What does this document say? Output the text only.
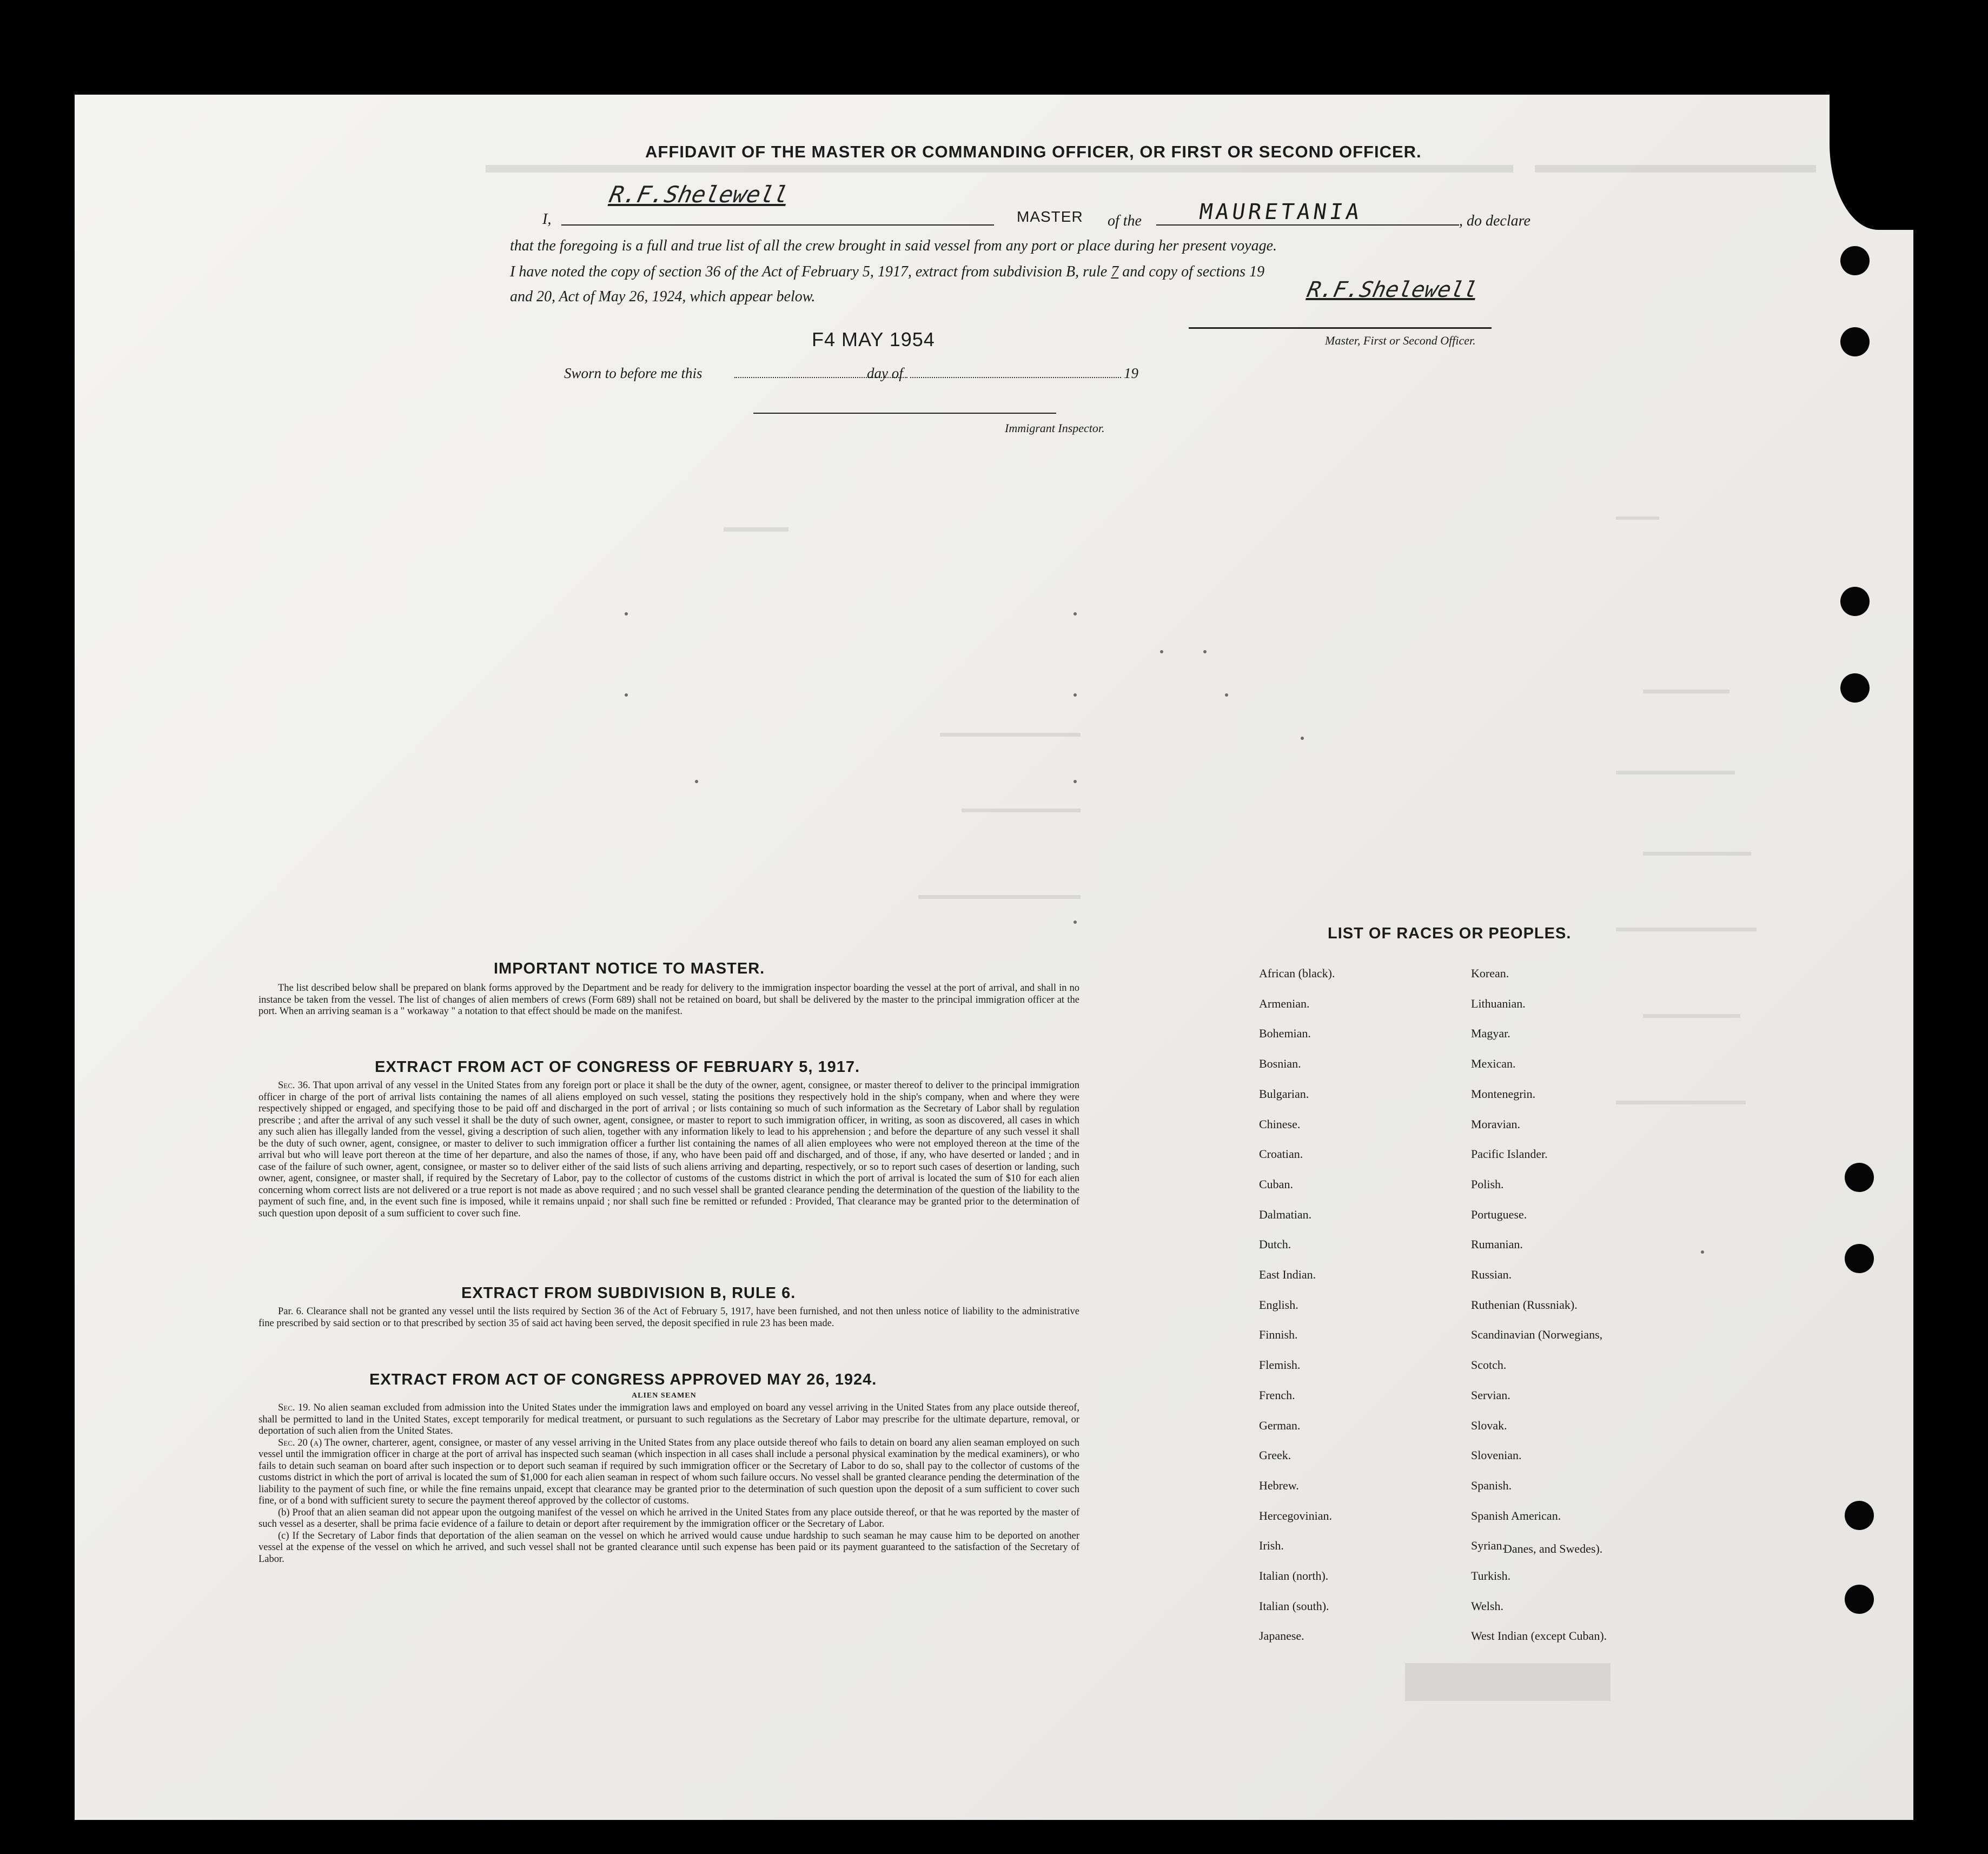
AFFIDAVIT OF THE MASTER OR COMMANDING OFFICER, OR FIRST OR SECOND OFFICER.
I,
R.F.Shelewell
MASTER of the	MAURETANIA	, do declare
that the foregoing is a full and true list of all the crew brought in said vessel from any port or place during her present voyage.
I have noted the copy of section 36 of the Act of February 5, 1917, extract from subdivision B, rule 7 and copy of sections 19
and 20, Act of May 26, 1924, which appear below.	R.F.Shelewell
Master, First or Second Officer.
F4 MAY 1954
Sworn to before me this	day of	19
Immigrant Inspector.
IMPORTANT NOTICE TO MASTER.

The list described below shall be prepared on blank forms approved by the Department and be ready for delivery to the immigration inspector boarding the vessel at the port of arrival, and shall in no instance be taken from the vessel. The list of changes of alien members of crews (Form 689) shall not be retained on board, but shall be delivered by the master to the principal immigration officer at the port. When an arriving seaman is a " workaway " a notation to that effect should be made on the manifest.

EXTRACT FROM ACT OF CONGRESS OF FEBRUARY 5, 1917.

Sec. 36. That upon arrival of any vessel in the United States from any foreign port or place it shall be the duty of the owner, agent, consignee, or master thereof to deliver to the principal immigration officer in charge of the port of arrival lists containing the names of all aliens employed on such vessel, stating the positions they respectively hold in the ship's company, when and where they were respectively shipped or engaged, and specifying those to be paid off and discharged in the port of arrival ; or lists containing so much of such information as the Secretary of Labor shall by regulation prescribe ; and after the arrival of any such vessel it shall be the duty of such owner, agent, consignee, or master to report to such immigration officer, in writing, as soon as discovered, all cases in which any such alien has illegally landed from the vessel, giving a description of such alien, together with any information likely to lead to his apprehension ; and before the departure of any such vessel it shall be the duty of such owner, agent, consignee, or master to deliver to such immigration officer a further list containing the names of all alien employees who were not employed thereon at the time of the arrival but who will leave port thereon at the time of her departure, and also the names of those, if any, who have been paid off and discharged, and of those, if any, who have deserted or landed ; and in case of the failure of such owner, agent, consignee, or master so to deliver either of the said lists of such aliens arriving and departing, respectively, or so to report such cases of desertion or landing, such owner, agent, consignee, or master shall, if required by the Secretary of Labor, pay to the collector of customs of the customs district in which the port of arrival is located the sum of $10 for each alien concerning whom correct lists are not delivered or a true report is not made as above required ; and no such vessel shall be granted clearance pending the determination of the question of the liability to the payment of such fine, and, in the event such fine is imposed, while it remains unpaid ; nor shall such fine be remitted or refunded : Provided, That clearance may be granted prior to the determination of such question upon deposit of a sum sufficient to cover such fine.

EXTRACT FROM SUBDIVISION B, RULE 6.

Par. 6. Clearance shall not be granted any vessel until the lists required by Section 36 of the Act of February 5, 1917, have been furnished, and not then unless notice of liability to the administrative fine prescribed by said section or to that prescribed by section 35 of said act having been served, the deposit specified in rule 23 has been made.

EXTRACT FROM ACT OF CONGRESS APPROVED MAY 26, 1924.
ALIEN SEAMEN

Sec. 19. No alien seaman excluded from admission into the United States under the immigration laws and employed on board any vessel arriving in the United States from any place outside thereof, shall be permitted to land in the United States, except temporarily for medical treatment, or pursuant to such regulations as the Secretary of Labor may prescribe for the ultimate departure, removal, or deportation of such alien from the United States.

Sec. 20 (a) The owner, charterer, agent, consignee, or master of any vessel arriving in the United States from any place outside thereof who fails to detain on board any alien seaman employed on such vessel until the immigration officer in charge at the port of arrival has inspected such seaman (which inspection in all cases shall include a personal physical examination by the medical examiners), or who fails to detain such seaman on board after such inspection or to deport such seaman if required by such immigration officer or the Secretary of Labor to do so, shall pay to the collector of customs of the customs district in which the port of arrival is located the sum of $1,000 for each alien seaman in respect of whom such failure occurs. No vessel shall be granted clearance pending the determination of the liability to the payment of such fine, or while the fine remains unpaid, except that clearance may be granted prior to the determination of such question upon the deposit of a sum sufficient to cover such fine, or of a bond with sufficient surety to secure the payment thereof approved by the collector of customs.

(b) Proof that an alien seaman did not appear upon the outgoing manifest of the vessel on which he arrived in the United States from any place outside thereof, or that he was reported by the master of such vessel as a deserter, shall be prima facie evidence of a failure to detain or deport after requirement by the immigration officer or the Secretary of Labor.

(c) If the Secretary of Labor finds that deportation of the alien seaman on the vessel on which he arrived would cause undue hardship to such seaman he may cause him to be deported on another vessel at the expense of the vessel on which he arrived, and such vessel shall not be granted clearance until such expense has been paid or its payment guaranteed to the satisfaction of the Secretary of Labor.

LIST OF RACES OR PEOPLES.
African (black).
Armenian.
Bohemian.
Bosnian.
Bulgarian.
Chinese.
Croatian.
Cuban.
Dalmatian.
Dutch.
East Indian.
English.
Finnish.
Flemish.
French.
German.
Greek.
Hebrew.
Hercegovinian.
Irish.
Italian (north).
Italian (south).
Japanese.
Korean.
Lithuanian.
Magyar.
Mexican.
Montenegrin.
Moravian.
Pacific Islander.
Polish.
Portuguese.
Rumanian.
Russian.
Ruthenian (Russniak).
Scandinavian (Norwegians,
Scotch.
Servian.
Slovak.
Slovenian.
Spanish.
Spanish American.
Syrian.
Turkish.
Welsh.
West Indian (except Cuban).
Danes, and Swedes).
